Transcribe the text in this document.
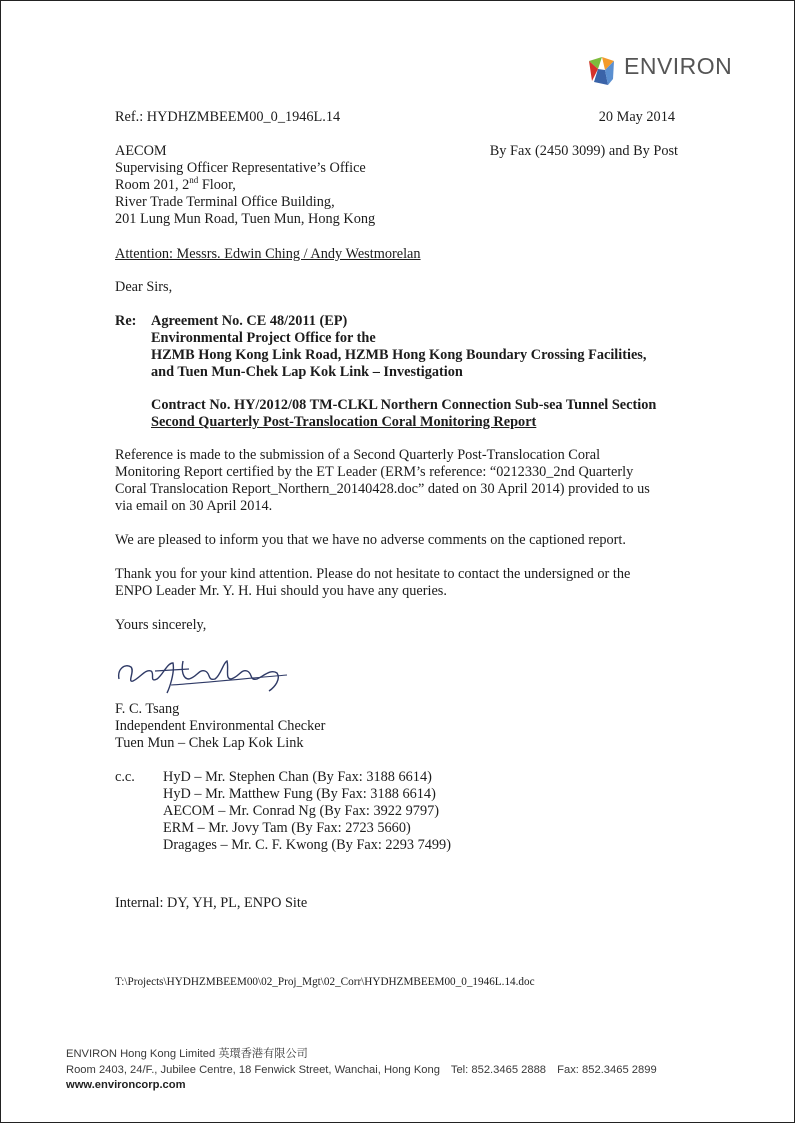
ENVIRON
Ref.: HYDHZMBEEM00_0_1946L.14	20 May 2014
AECOM
Supervising Officer Representative’s Office
Room 201, 2nd Floor,
River Trade Terminal Office Building,
201 Lung Mun Road, Tuen Mun, Hong Kong
By Fax (2450 3099) and By Post
Attention: Messrs. Edwin Ching / Andy Westmorelan
Dear Sirs,
Re: Agreement No. CE 48/2011 (EP)
Environmental Project Office for the
HZMB Hong Kong Link Road, HZMB Hong Kong Boundary Crossing Facilities,
and Tuen Mun-Chek Lap Kok Link – Investigation
Contract No. HY/2012/08 TM-CLKL Northern Connection Sub-sea Tunnel Section
Second Quarterly Post-Translocation Coral Monitoring Report
Reference is made to the submission of a Second Quarterly Post-Translocation Coral
Monitoring Report certified by the ET Leader (ERM’s reference: “0212330_2nd Quarterly
Coral Translocation Report_Northern_20140428.doc” dated on 30 April 2014) provided to us
via email on 30 April 2014.
We are pleased to inform you that we have no adverse comments on the captioned report.
Thank you for your kind attention. Please do not hesitate to contact the undersigned or the
ENPO Leader Mr. Y. H. Hui should you have any queries.
Yours sincerely,
F. C. Tsang
Independent Environmental Checker
Tuen Mun – Chek Lap Kok Link
c.c. HyD – Mr. Stephen Chan (By Fax: 3188 6614)
HyD – Mr. Matthew Fung (By Fax: 3188 6614)
AECOM – Mr. Conrad Ng (By Fax: 3922 9797)
ERM – Mr. Jovy Tam (By Fax: 2723 5660)
Dragages – Mr. C. F. Kwong (By Fax: 2293 7499)
Internal: DY, YH, PL, ENPO Site
T:\Projects\HYDHZMBEEM00\02_Proj_Mgt\02_Corr\HYDHZMBEEM00_0_1946L.14.doc
ENVIRON Hong Kong Limited 英環香港有限公司
Room 2403, 24/F., Jubilee Centre, 18 Fenwick Street, Wanchai, Hong Kong Tel: 852.3465 2888 Fax: 852.3465 2899
www.environcorp.com
